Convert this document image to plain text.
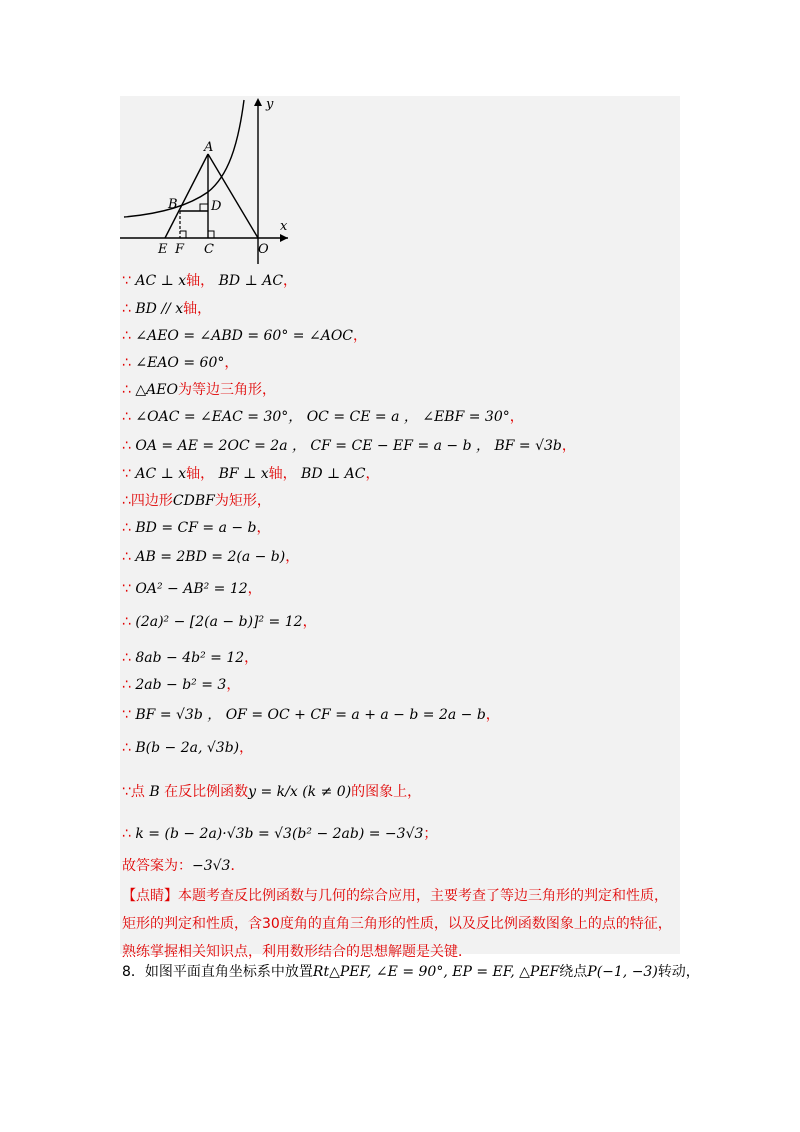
y
x
A
B	D
E F C	O
∵ AC ⊥ x轴， BD ⊥ AC，
∴ BD // x轴，
∴ ∠AEO = ∠ABD = 60° = ∠AOC，
∴ ∠EAO = 60°，
∴ △AEO为等边三角形，
∴ ∠OAC = ∠EAC = 30°， OC = CE = a ， ∠EBF = 30°，
∴ OA = AE = 2OC = 2a ， CF = CE − EF = a − b ， BF = √3b，
∵ AC ⊥ x轴， BF ⊥ x轴， BD ⊥ AC，
∴四边形CDBF为矩形，
∴ BD = CF = a − b，
∴ AB = 2BD = 2(a − b)，
∵ OA² − AB² = 12，
∴ (2a)² − [2(a − b)]² = 12，
∴ 8ab − 4b² = 12，
∴ 2ab − b² = 3，
∵ BF = √3b ， OF = OC + CF = a + a − b = 2a − b，
∴ B(b − 2a, √3b)，
∵点 B 在反比例函数y = k/x (k ≠ 0)的图象上，
∴ k = (b − 2a)·√3b = √3(b² − 2ab) = −3√3；
故答案为：−3√3．
【点睛】本题考查反比例函数与几何的综合应用，主要考查了等边三角形的判定和性质，矩形的判定和性质，含30度角的直角三角形的性质，以及反比例函数图象上的点的特征，熟练掌握相关知识点，利用数形结合的思想解题是关键．
8．如图平面直角坐标系中放置Rt△PEF, ∠E = 90°, EP = EF, △PEF绕点P(−1, −3)转动，
